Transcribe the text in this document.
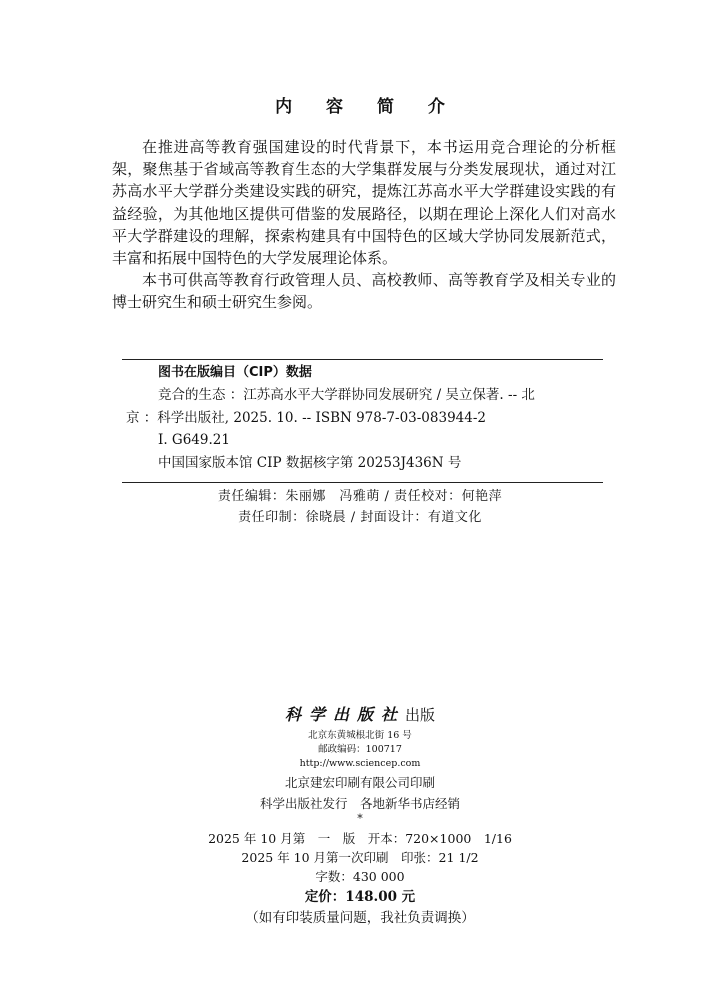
内 容 简 介

在推进高等教育强国建设的时代背景下，本书运用竞合理论的分析框架，聚焦基于省域高等教育生态的大学集群发展与分类发展现状，通过对江苏高水平大学群分类建设实践的研究，提炼江苏高水平大学群建设实践的有益经验，为其他地区提供可借鉴的发展路径，以期在理论上深化人们对高水平大学群建设的理解，探索构建具有中国特色的区域大学协同发展新范式，丰富和拓展中国特色的大学发展理论体系。

本书可供高等教育行政管理人员、高校教师、高等教育学及相关专业的博士研究生和硕士研究生参阅。

图书在版编目（CIP）数据
竞合的生态 ：江苏高水平大学群协同发展研究 / 吴立保著. -- 北
京 ：科学出版社, 2025. 10. -- ISBN 978-7-03-083944-2
Ⅰ. G649.21
中国国家版本馆 CIP 数据核字第 20253J436N 号
责任编辑：朱丽娜　冯雅萌 / 责任校对：何艳萍
责任印制：徐晓晨 / 封面设计：有道文化
科学出版社出版
北京东黄城根北街 16 号
邮政编码：100717
http://www.sciencep.com
北京建宏印刷有限公司印刷
科学出版社发行　各地新华书店经销
*
2025 年 10 月第　一　版　开本：720×1000　1/16
2025 年 10 月第一次印刷　印张：21 1/2
字数：430 000
定价：148.00 元
（如有印装质量问题，我社负责调换）
